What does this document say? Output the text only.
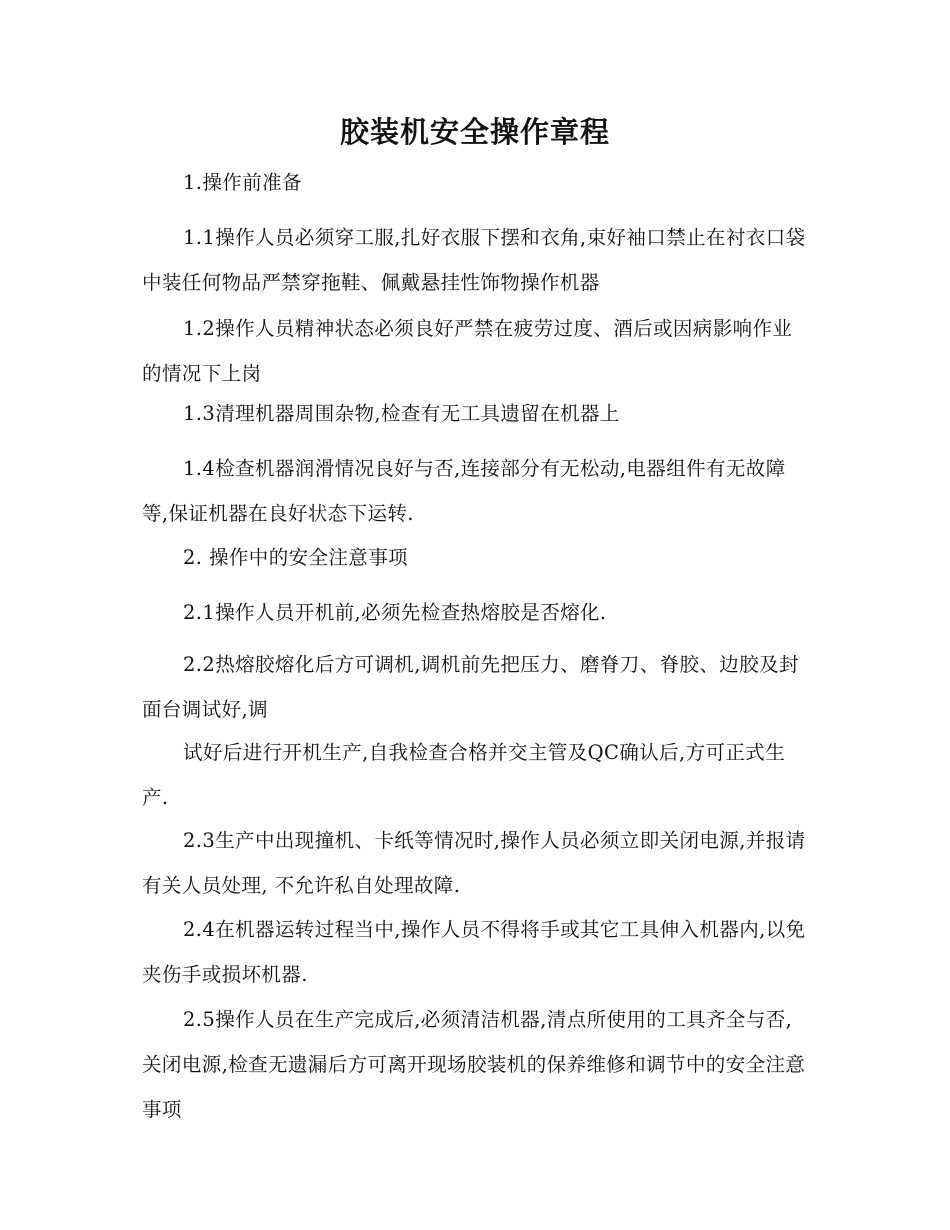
胶装机安全操作章程
1.操作前准备
1.1操作人员必须穿工服,扎好衣服下摆和衣角,束好袖口禁止在衬衣口袋中装任何物品严禁穿拖鞋、佩戴悬挂性饰物操作机器
1.2操作人员精神状态必须良好严禁在疲劳过度、酒后或因病影响作业的情况下上岗
1.3清理机器周围杂物,检查有无工具遗留在机器上
1.4检查机器润滑情况良好与否,连接部分有无松动,电器组件有无故障等,保证机器在良好状态下运转.
2. 操作中的安全注意事项
2.1操作人员开机前,必须先检查热熔胶是否熔化.
2.2热熔胶熔化后方可调机,调机前先把压力、磨脊刀、脊胶、边胶及封面台调试好,调
试好后进行开机生产,自我检查合格并交主管及QC确认后,方可正式生产.
2.3生产中出现撞机、卡纸等情况时,操作人员必须立即关闭电源,并报请有关人员处理, 不允许私自处理故障.
2.4在机器运转过程当中,操作人员不得将手或其它工具伸入机器内,以免夹伤手或损坏机器.
2.5操作人员在生产完成后,必须清洁机器,清点所使用的工具齐全与否,关闭电源,检查无遗漏后方可离开现场胶装机的保养维修和调节中的安全注意事项
